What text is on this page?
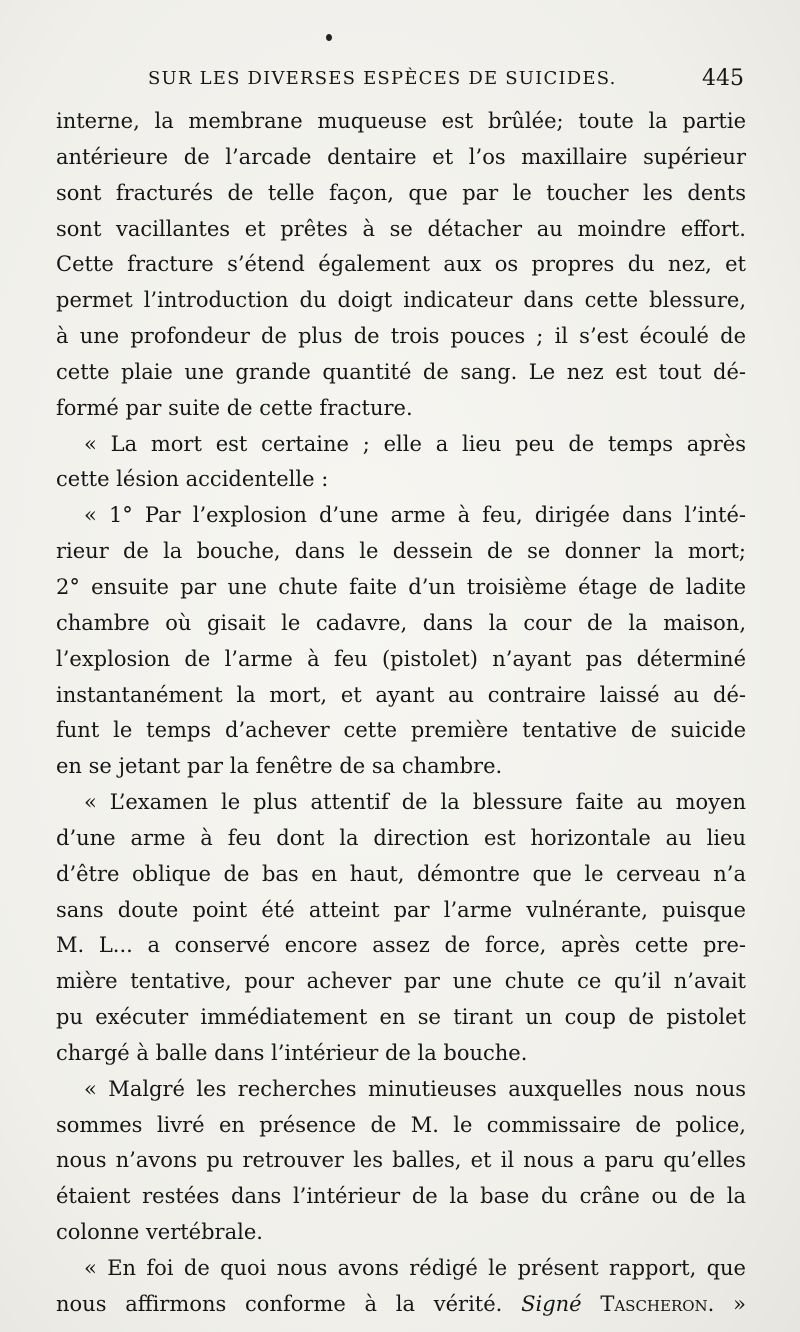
SUR LES DIVERSES ESPÈCES DE SUICIDES.	445
interne, la membrane muqueuse est brûlée; toute la partie
antérieure de l’arcade dentaire et l’os maxillaire supérieur
sont fracturés de telle façon, que par le toucher les dents
sont vacillantes et prêtes à se détacher au moindre effort.
Cette fracture s’étend également aux os propres du nez, et
permet l’introduction du doigt indicateur dans cette blessure,
à une profondeur de plus de trois pouces ; il s’est écoulé de
cette plaie une grande quantité de sang. Le nez est tout dé-
formé par suite de cette fracture.
« La mort est certaine ; elle a lieu peu de temps après
cette lésion accidentelle :
« 1° Par l’explosion d’une arme à feu, dirigée dans l’inté-
rieur de la bouche, dans le dessein de se donner la mort;
2° ensuite par une chute faite d’un troisième étage de ladite
chambre où gisait le cadavre, dans la cour de la maison,
l’explosion de l’arme à feu (pistolet) n’ayant pas déterminé
instantanément la mort, et ayant au contraire laissé au dé-
funt le temps d’achever cette première tentative de suicide
en se jetant par la fenêtre de sa chambre.
« L’examen le plus attentif de la blessure faite au moyen
d’une arme à feu dont la direction est horizontale au lieu
d’être oblique de bas en haut, démontre que le cerveau n’a
sans doute point été atteint par l’arme vulnérante, puisque
M. L... a conservé encore assez de force, après cette pre-
mière tentative, pour achever par une chute ce qu’il n’avait
pu exécuter immédiatement en se tirant un coup de pistolet
chargé à balle dans l’intérieur de la bouche.
« Malgré les recherches minutieuses auxquelles nous nous
sommes livré en présence de M. le commissaire de police,
nous n’avons pu retrouver les balles, et il nous a paru qu’elles
étaient restées dans l’intérieur de la base du crâne ou de la
colonne vertébrale.
« En foi de quoi nous avons rédigé le présent rapport, que
nous affirmons conforme à la vérité. Signé Tascheron. »
